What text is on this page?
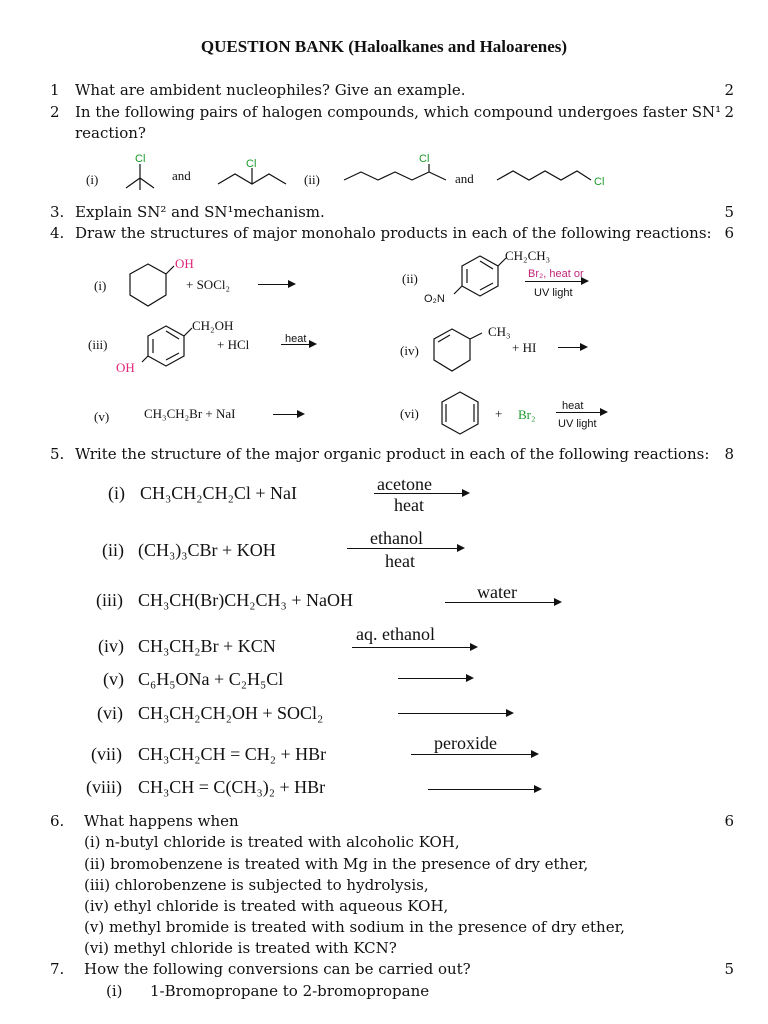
QUESTION BANK (Haloalkanes and Haloarenes)
1 What are ambident nucleophiles? Give an example.	2
2 In the following pairs of halogen compounds, which compound undergoes faster SN¹ 2
reaction?
(i)
Cl
and
Cl
(ii)
Cl
and	Cl
3. Explain SN² and SN¹mechanism.	5
4. Draw the structures of major monohalo products in each of the following reactions: 6
(i)
OH
+ SOCl₂	(ii)
CH₂CH₃
O₂N
Br₂, heat or
UV light
(iii)
CH₂OH
OH
+ HCl	heat
(iv)
CH₃
+ HI →
(v)	CH₃CH₂Br + NaI	(vi)	+ Br₂
heat
UV light
5. Write the structure of the major organic product in each of the following reactions: 8
(i) CH₃CH₂CH₂Cl + NaI	acetone
heat
(ii) (CH₃)₃CBr + KOH
ethanol
heat
(iii) CH₃CH(Br)CH₂CH₃ + NaOH	water
(iv) CH₃CH₂Br + KCN
aq. ethanol
(v) C₆H₅ONa + C₂H₅Cl
(vi) CH₃CH₂CH₂OH + SOCl₂
(vii) CH₃CH₂CH = CH₂ + HBr
peroxide
(viii) CH₃CH = C(CH₃)₂ + HBr
6. What happens when	6
(i) n-butyl chloride is treated with alcoholic KOH,
(ii) bromobenzene is treated with Mg in the presence of dry ether,
(iii) chlorobenzene is subjected to hydrolysis,
(iv) ethyl chloride is treated with aqueous KOH,
(v) methyl bromide is treated with sodium in the presence of dry ether,
(vi) methyl chloride is treated with KCN?
7. How the following conversions can be carried out?	5
(i) 1-Bromopropane to 2-bromopropane
